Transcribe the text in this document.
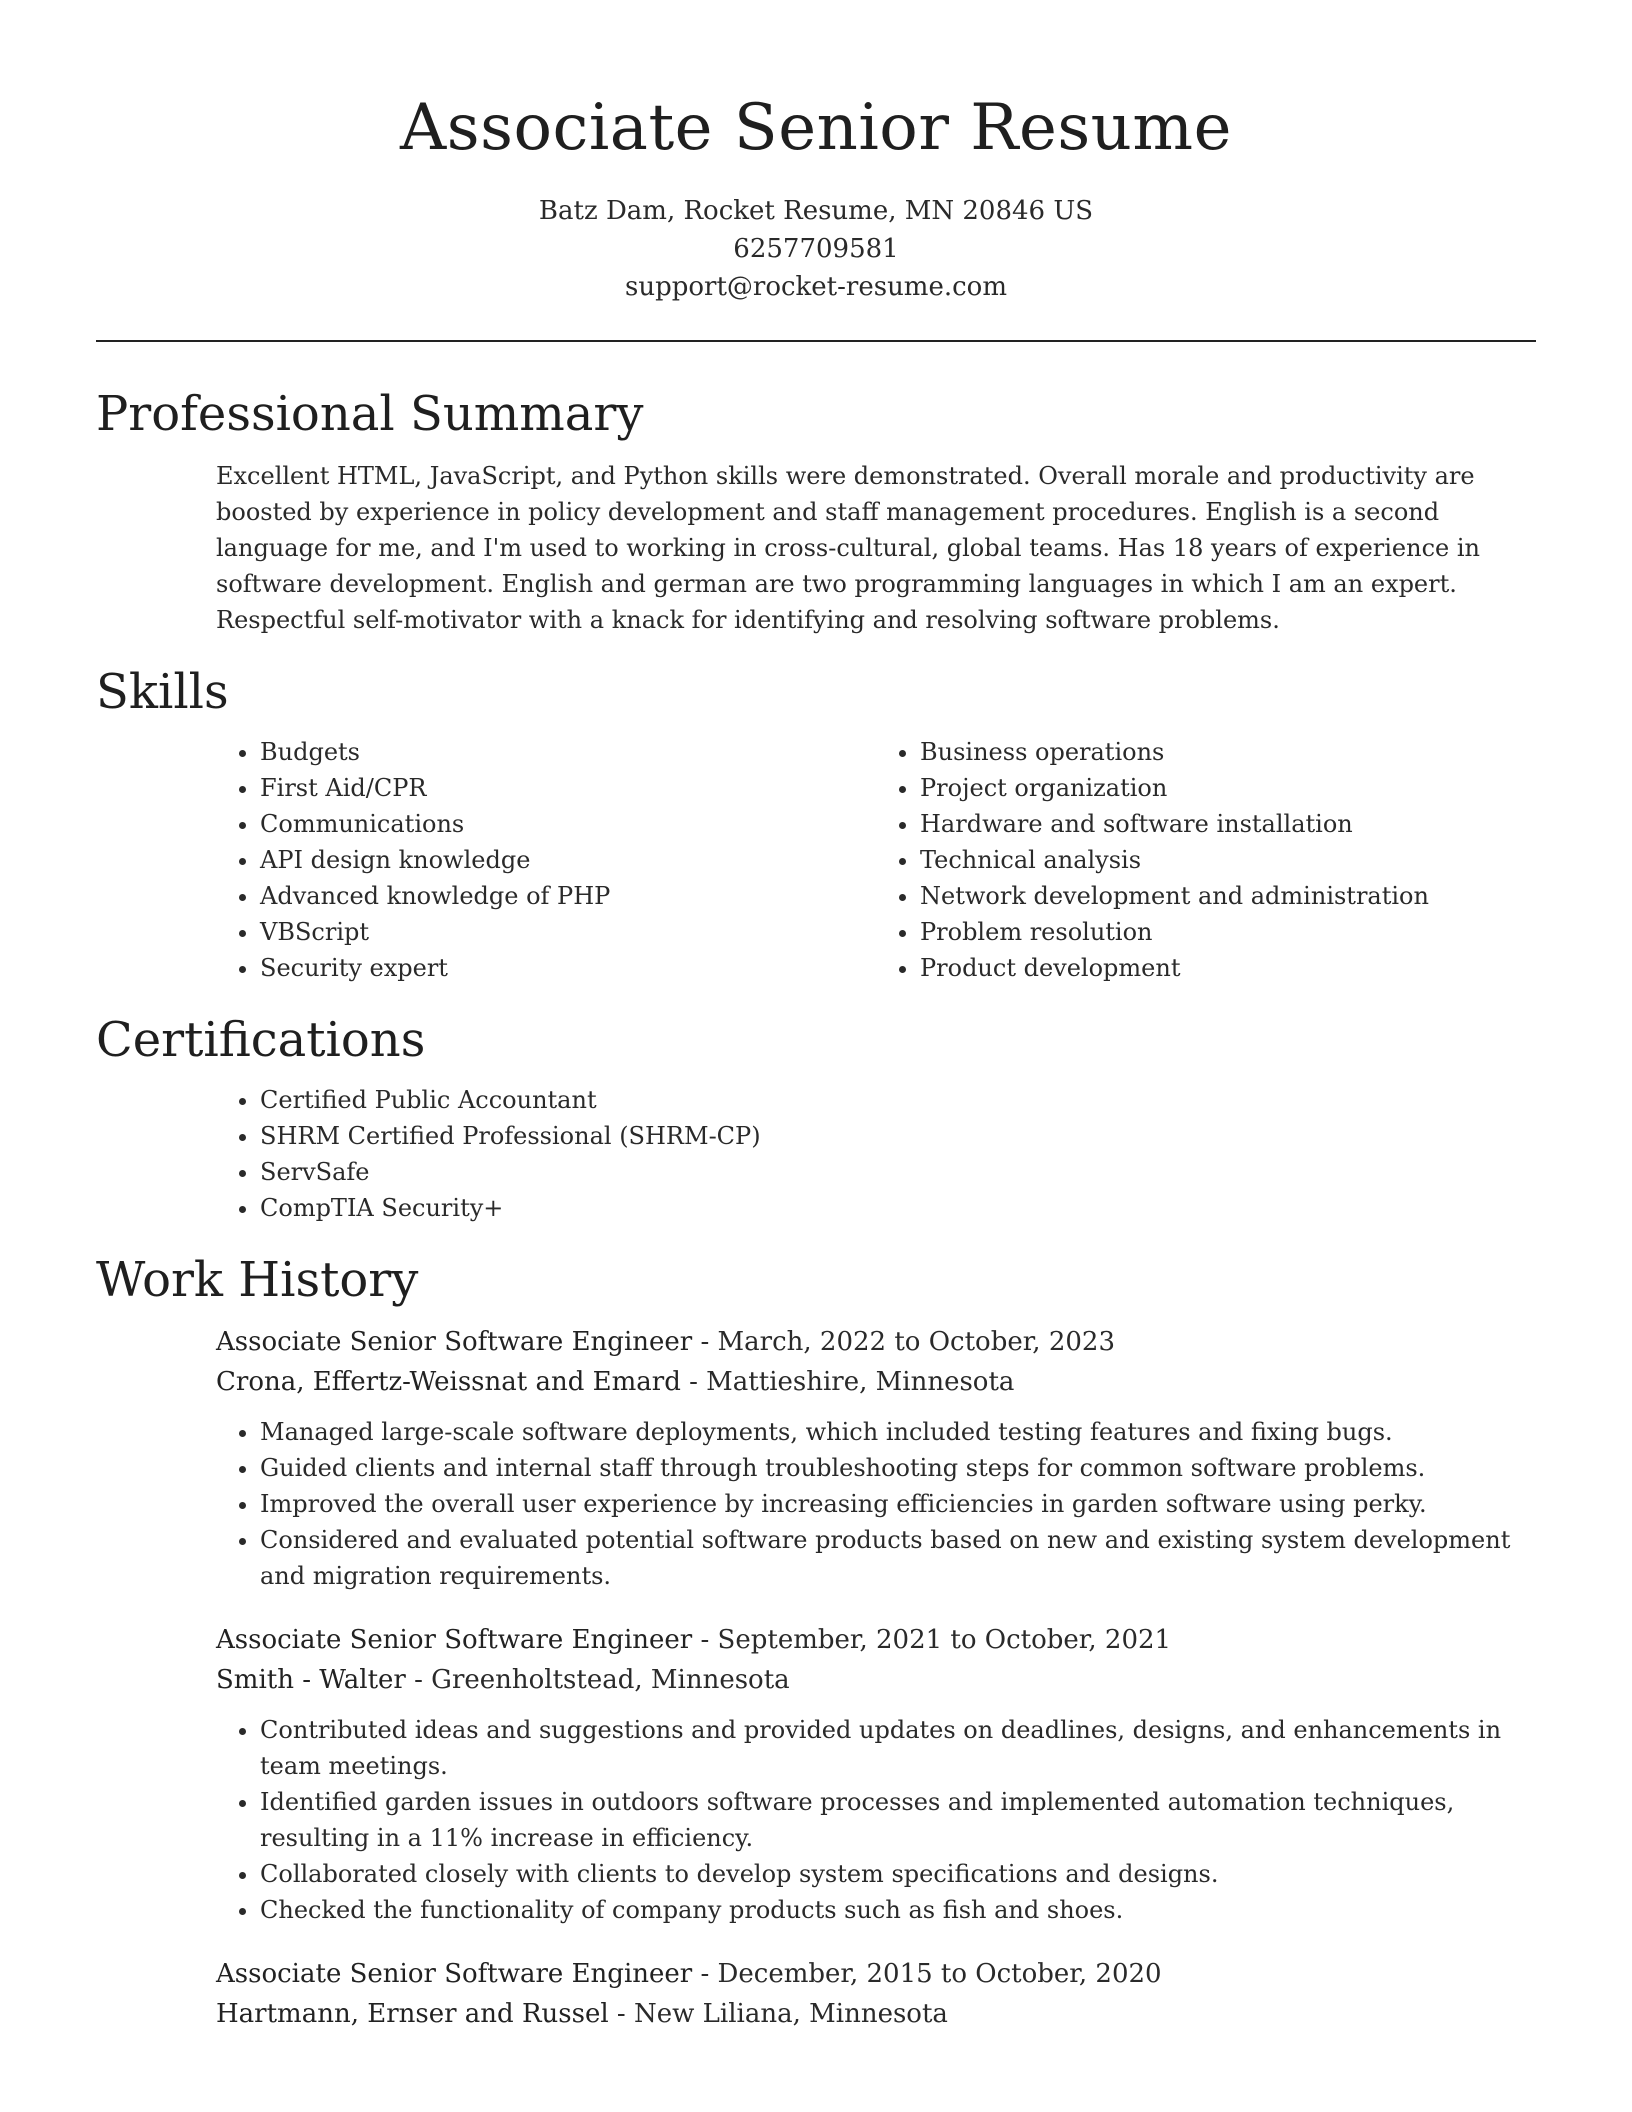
Associate Senior Resume
Batz Dam, Rocket Resume, MN 20846 US
6257709581
support@rocket-resume.com
Professional Summary

Excellent HTML, JavaScript, and Python skills were demonstrated. Overall morale and productivity are boosted by experience in policy development and staff management procedures. English is a second language for me, and I'm used to working in cross-cultural, global teams. Has 18 years of experience in software development. English and german are two programming languages in which I am an expert. Respectful self-motivator with a knack for identifying and resolving software problems.

Skills
• Budgets
• First Aid/CPR
• Communications
• API design knowledge
• Advanced knowledge of PHP
• VBScript
• Security expert
• Business operations
• Project organization
• Hardware and software installation
• Technical analysis
• Network development and administration
• Problem resolution
• Product development
Certifications
• Certified Public Accountant
• SHRM Certified Professional (SHRM-CP)
• ServSafe
• CompTIA Security+
Work History
Associate Senior Software Engineer - March, 2022 to October, 2023
Crona, Effertz-Weissnat and Emard - Mattieshire, Minnesota
• Managed large-scale software deployments, which included testing features and fixing bugs.
• Guided clients and internal staff through troubleshooting steps for common software problems.
• Improved the overall user experience by increasing efficiencies in garden software using perky.
• Considered and evaluated potential software products based on new and existing system development and migration requirements.
Associate Senior Software Engineer - September, 2021 to October, 2021
Smith - Walter - Greenholtstead, Minnesota
• Contributed ideas and suggestions and provided updates on deadlines, designs, and enhancements in team meetings.
• Identified garden issues in outdoors software processes and implemented automation techniques, resulting in a 11% increase in efficiency.
• Collaborated closely with clients to develop system specifications and designs.
• Checked the functionality of company products such as fish and shoes.
Associate Senior Software Engineer - December, 2015 to October, 2020
Hartmann, Ernser and Russel - New Liliana, Minnesota
